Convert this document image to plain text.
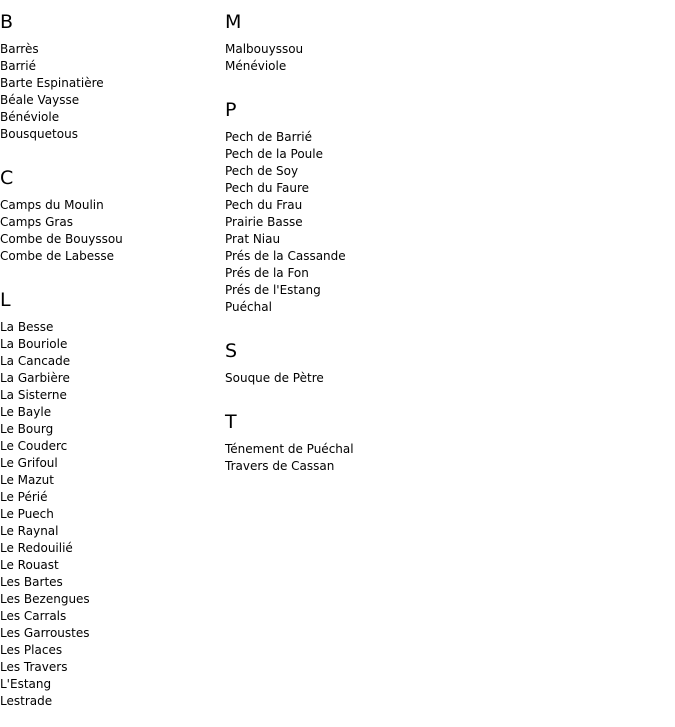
B
Barrès
Barrié
Barte Espinatière
Béale Vaysse
Bénéviole
Bousquetous
C
Camps du Moulin
Camps Gras
Combe de Bouyssou
Combe de Labesse
L
La Besse
La Bouriole
La Cancade
La Garbière
La Sisterne
Le Bayle
Le Bourg
Le Couderc
Le Grifoul
Le Mazut
Le Périé
Le Puech
Le Raynal
Le Redouilié
Le Rouast
Les Bartes
Les Bezengues
Les Carrals
Les Garroustes
Les Places
Les Travers
L'Estang
Lestrade
M
Malbouyssou
Ménéviole
P
Pech de Barrié
Pech de la Poule
Pech de Soy
Pech du Faure
Pech du Frau
Prairie Basse
Prat Niau
Prés de la Cassande
Prés de la Fon
Prés de l'Estang
Puéchal
S
Souque de Pètre
T
Ténement de Puéchal
Travers de Cassan
